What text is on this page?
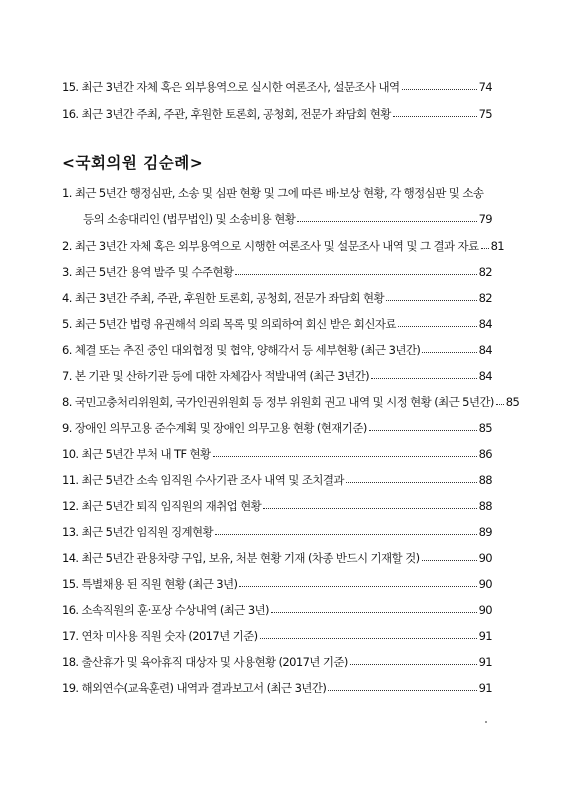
15. 최근 3년간 자체 혹은 외부용역으로 실시한 여론조사, 설문조사 내역	74
16. 최근 3년간 주최, 주관, 후원한 토론회, 공청회, 전문가 좌담회 현황	75
<국회의원 김순례>
1. 최근 5년간 행정심판, 소송 및 심판 현황 및 그에 따른 배·보상 현황, 각 행정심판 및 소송
등의 소송대리인 (법무법인) 및 소송비용 현황	79
2. 최근 3년간 자체 혹은 외부용역으로 시행한 여론조사 및 설문조사 내역 및 그 결과 자료 81
3. 최근 5년간 용역 발주 및 수주현황	82
4. 최근 3년간 주최, 주관, 후원한 토론회, 공청회, 전문가 좌담회 현황	82
5. 최근 5년간 법령 유권해석 의뢰 목록 및 의뢰하여 회신 받은 회신자료	84
6. 체결 또는 추진 중인 대외협정 및 협약, 양해각서 등 세부현황 (최근 3년간)	84
7. 본 기관 및 산하기관 등에 대한 자체감사 적발내역 (최근 3년간)	84
8. 국민고충처리위원회, 국가인권위원회 등 정부 위원회 권고 내역 및 시정 현황 (최근 5년간) 85
9. 장애인 의무고용 준수계획 및 장애인 의무고용 현황 (현재기준)	85
10. 최근 5년간 부처 내 TF 현황	86
11. 최근 5년간 소속 임직원 수사기관 조사 내역 및 조치결과	88
12. 최근 5년간 퇴직 임직원의 재취업 현황	88
13. 최근 5년간 임직원 징계현황	89
14. 최근 5년간 관용차량 구입, 보유, 처분 현황 기재 (차종 반드시 기재할 것)	90
15. 특별채용 된 직원 현황 (최근 3년)	90
16. 소속직원의 훈·포상 수상내역 (최근 3년)	90
17. 연차 미사용 직원 숫자 (2017년 기준)	91
18. 출산휴가 및 육아휴직 대상자 및 사용현황 (2017년 기준)	91
19. 해외연수(교육훈련) 내역과 결과보고서 (최근 3년간)	91
